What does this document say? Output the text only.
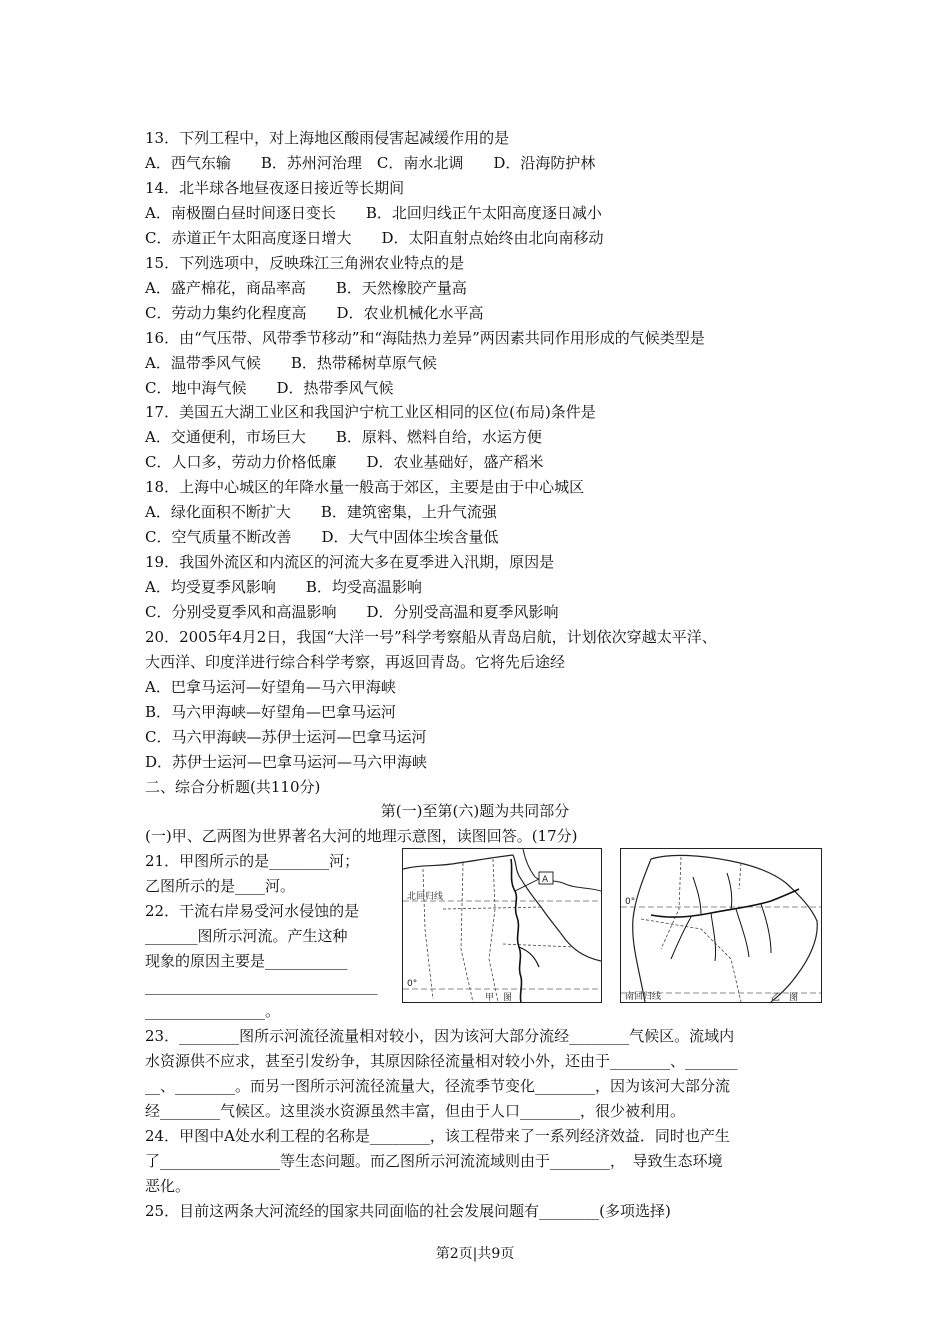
13．下列工程中，对上海地区酸雨侵害起减缓作用的是
A．西气东输　　B．苏州河治理　C．南水北调　　D．沿海防护林
14．北半球各地昼夜逐日接近等长期间
A．南极圈白昼时间逐日变长　　B．北回归线正午太阳高度逐日减小
C．赤道正午太阳高度逐日增大　　D．太阳直射点始终由北向南移动
15．下列选项中，反映珠江三角洲农业特点的是
A．盛产棉花，商品率高　　B．天然橡胶产量高
C．劳动力集约化程度高　　D．农业机械化水平高
16．由“气压带、风带季节移动”和“海陆热力差异”两因素共同作用形成的气候类型是
A．温带季风气候　　B．热带稀树草原气候
C．地中海气候　　D．热带季风气候
17．美国五大湖工业区和我国沪宁杭工业区相同的区位(布局)条件是
A．交通便利，市场巨大　　B．原料、燃料自给，水运方便
C．人口多，劳动力价格低廉　　D．农业基础好，盛产稻米
18．上海中心城区的年降水量一般高于郊区，主要是由于中心城区
A．绿化面积不断扩大　　B．建筑密集，上升气流强
C．空气质量不断改善　　D．大气中固体尘埃含量低
19．我国外流区和内流区的河流大多在夏季进入汛期，原因是
A．均受夏季风影响　　B．均受高温影响
C．分别受夏季风和高温影响　　D．分别受高温和夏季风影响
20．2005年4月2日，我国“大洋一号”科学考察船从青岛启航，计划依次穿越太平洋、
大西洋、印度洋进行综合科学考察，再返回青岛。它将先后途经
A．巴拿马运河—好望角—马六甲海峡
B．马六甲海峡—好望角—巴拿马运河
C．马六甲海峡—苏伊士运河—巴拿马运河
D．苏伊士运河—巴拿马运河—马六甲海峡
二、综合分析题(共110分)
(一)甲、乙两图为世界著名大河的地理示意图，读图回答。(17分)
21．甲图所示的是________河；
乙图所示的是____河。
22．干流右岸易受河水侵蚀的是
_______图所示河流。产生这种
现象的原因主要是___________
_______________________________
________________。
23．________图所示河流径流量相对较小，因为该河大部分流经________气候区。流域内
水资源供不应求，甚至引发纷争，其原因除径流量相对较小外，还由于________、_______
__、________。而另一图所示河流径流量大，径流季节变化________，因为该河大部分流
经________气候区。这里淡水资源虽然丰富，但由于人口________，很少被利用。
24．甲图中A处水利工程的名称是________，该工程带来了一系列经济效益．同时也产生
了________________等生态问题。而乙图所示河流流域则由于________，　导致生态环境
恶化。
25．目前这两条大河流经的国家共同面临的社会发展问题有________(多项选择)
第(一)至第(六)题为共同部分
A
北回归线
0°
甲　图
0°
南回归线	乙　图
第2页|共9页
